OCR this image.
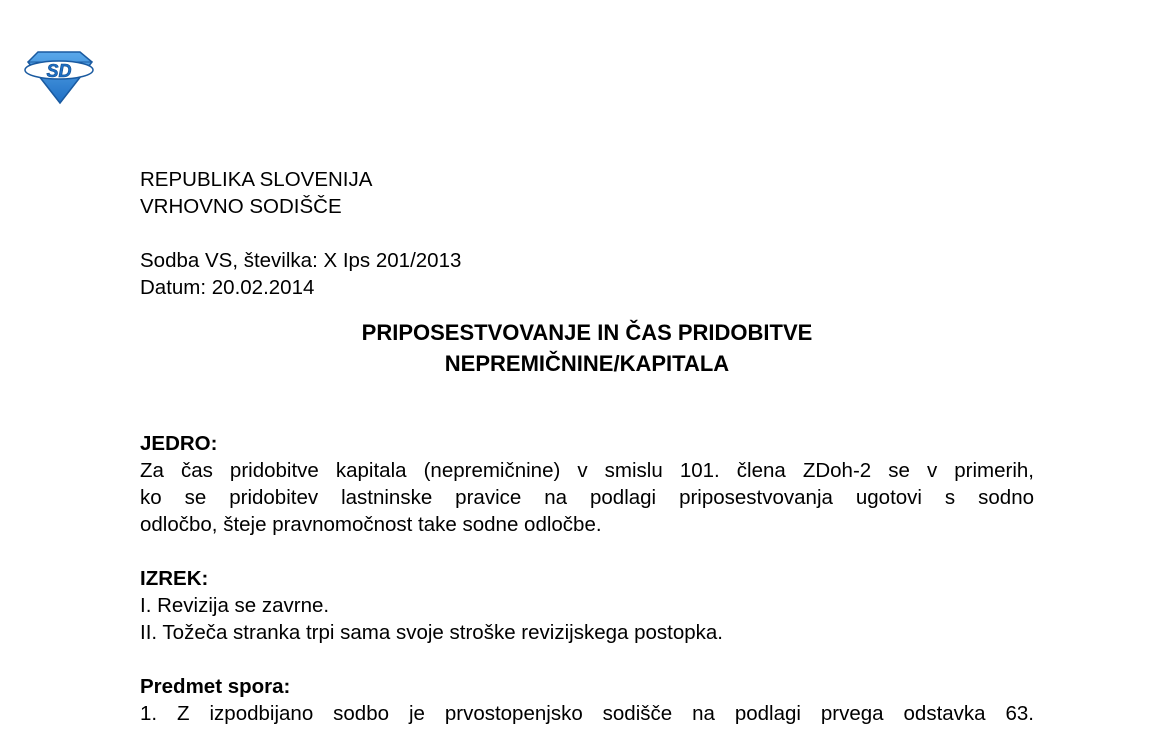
SD
REPUBLIKA SLOVENIJA
VRHOVNO SODIŠČE
Sodba VS, številka: X Ips 201/2013
Datum: 20.02.2014
PRIPOSESTVOVANJE IN ČAS PRIDOBITVE
NEPREMIČNINE/KAPITALA
JEDRO:
Za čas pridobitve kapitala (nepremičnine) v smislu 101. člena ZDoh-2 se v primerih,
ko se pridobitev lastninske pravice na podlagi priposestvovanja ugotovi s sodno
odločbo, šteje pravnomočnost take sodne odločbe.
IZREK:
I. Revizija se zavrne.
II. Tožeča stranka trpi sama svoje stroške revizijskega postopka.
Predmet spora:
1. Z izpodbijano sodbo je prvostopenjsko sodišče na podlagi prvega odstavka 63.
